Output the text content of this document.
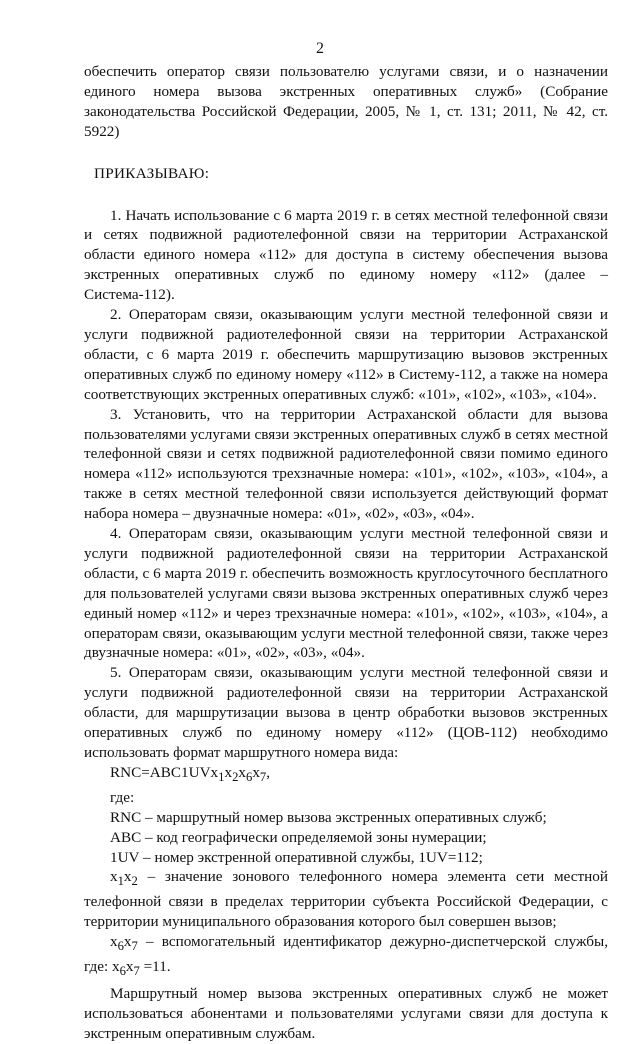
2

обеспечить оператор связи пользователю услугами связи, и о назначении единого номера вызова экстренных оперативных служб» (Собрание законодательства Российской Федерации, 2005, № 1, ст. 131; 2011, № 42, ст. 5922)

ПРИКАЗЫВАЮ:

1. Начать использование с 6 марта 2019 г. в сетях местной телефонной связи и сетях подвижной радиотелефонной связи на территории Астраханской области единого номера «112» для доступа в систему обеспечения вызова экстренных оперативных служб по единому номеру «112» (далее – Система-112).

2. Операторам связи, оказывающим услуги местной телефонной связи и услуги подвижной радиотелефонной связи на территории Астраханской области, с 6 марта 2019 г. обеспечить маршрутизацию вызовов экстренных оперативных служб по единому номеру «112» в Систему-112, а также на номера соответствующих экстренных оперативных служб: «101», «102», «103», «104».

3. Установить, что на территории Астраханской области для вызова пользователями услугами связи экстренных оперативных служб в сетях местной телефонной связи и сетях подвижной радиотелефонной связи помимо единого номера «112» используются трехзначные номера: «101», «102», «103», «104», а также в сетях местной телефонной связи используется действующий формат набора номера – двузначные номера: «01», «02», «03», «04».

4. Операторам связи, оказывающим услуги местной телефонной связи и услуги подвижной радиотелефонной связи на территории Астраханской области, с 6 марта 2019 г. обеспечить возможность круглосуточного бесплатного для пользователей услугами связи вызова экстренных оперативных служб через единый номер «112» и через трехзначные номера: «101», «102», «103», «104», а операторам связи, оказывающим услуги местной телефонной связи, также через двузначные номера: «01», «02», «03», «04».

5. Операторам связи, оказывающим услуги местной телефонной связи и услуги подвижной радиотелефонной связи на территории Астраханской области, для маршрутизации вызова в центр обработки вызовов экстренных оперативных служб по единому номеру «112» (ЦОВ-112) необходимо использовать формат маршрутного номера вида:

$RNC=ABC1UVx_1x_2x_6x_7$,

где:

RNC – маршрутный номер вызова экстренных оперативных служб;

ABC – код географически определяемой зоны нумерации;

1UV – номер экстренной оперативной службы, 1UV=112;

$x_1x_2$ – значение зонового телефонного номера элемента сети местной телефонной связи в пределах территории субъекта Российской Федерации, с территории муниципального образования которого был совершен вызов;

$x_6x_7$ – вспомогательный идентификатор дежурно-диспетчерской службы, где: $x_6x_7 =11$.

Маршрутный номер вызова экстренных оперативных служб не может использоваться абонентами и пользователями услугами связи для доступа к экстренным оперативным службам.
